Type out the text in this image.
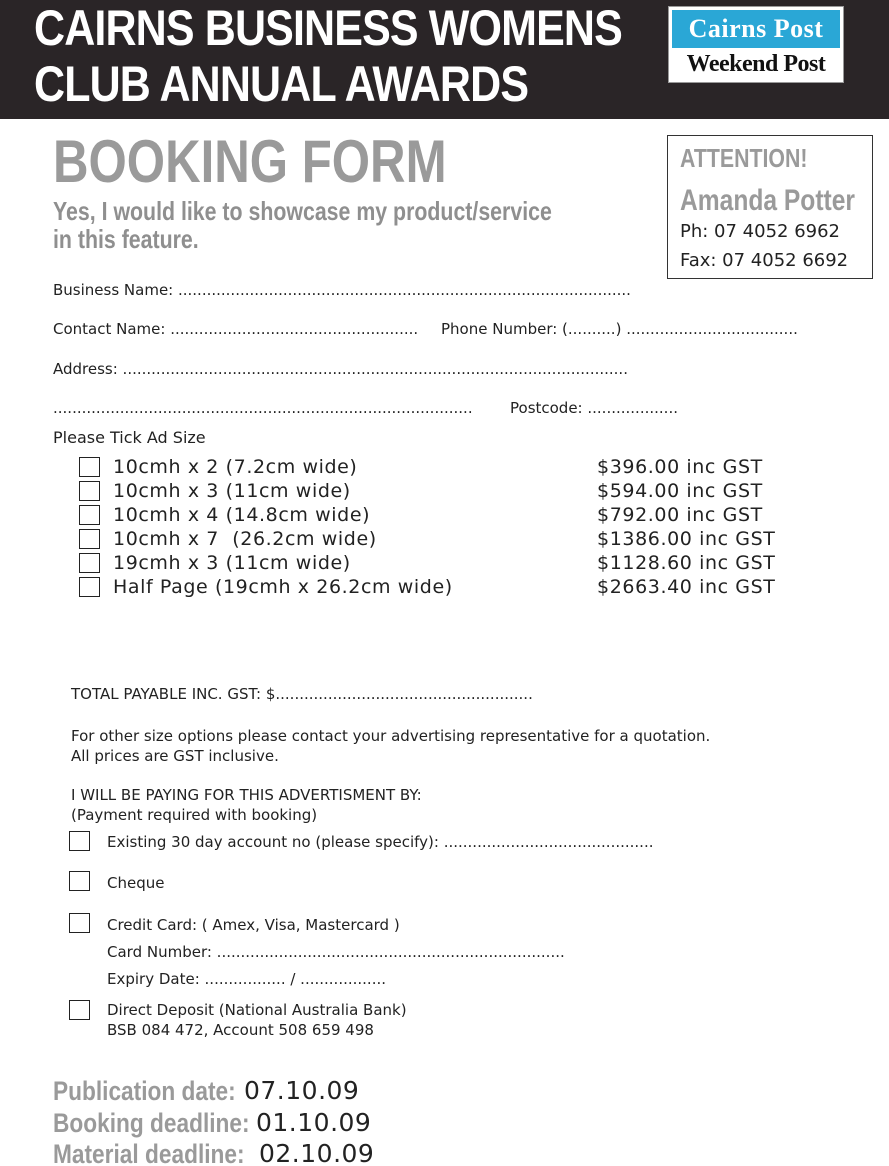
CAIRNS BUSINESS WOMENS
CLUB ANNUAL AWARDS
Cairns Post
Weekend Post
BOOKING FORM
Yes, I would like to showcase my product/service
in this feature.
ATTENTION!
Amanda Potter
Ph: 07 4052 6962
Fax: 07 4052 6692
Business Name: ...............................................................................................
Contact Name: .................................................... Phone Number: (..........) ....................................
Address: ..........................................................................................................
........................................................................................ Postcode: ...................
Please Tick Ad Size
10cmh x 2 (7.2cm wide)	$396.00 inc GST
10cmh x 3 (11cm wide)	$594.00 inc GST
10cmh x 4 (14.8cm wide)	$792.00 inc GST
10cmh x 7  (26.2cm wide)	$1386.00 inc GST
19cmh x 3 (11cm wide)	$1128.60 inc GST
Half Page (19cmh x 26.2cm wide)	$2663.40 inc GST
TOTAL PAYABLE INC. GST: $......................................................
For other size options please contact your advertising representative for a quotation.
All prices are GST inclusive.
I WILL BE PAYING FOR THIS ADVERTISMENT BY:
(Payment required with booking)
Existing 30 day account no (please specify): ............................................
Cheque
Credit Card: ( Amex, Visa, Mastercard )
Card Number: .........................................................................
Expiry Date: ................. / ..................
Direct Deposit (National Australia Bank)
BSB 084 472, Account 508 659 498
Publication date: 07.10.09
Booking deadline: 01.10.09
Material deadline: 02.10.09
